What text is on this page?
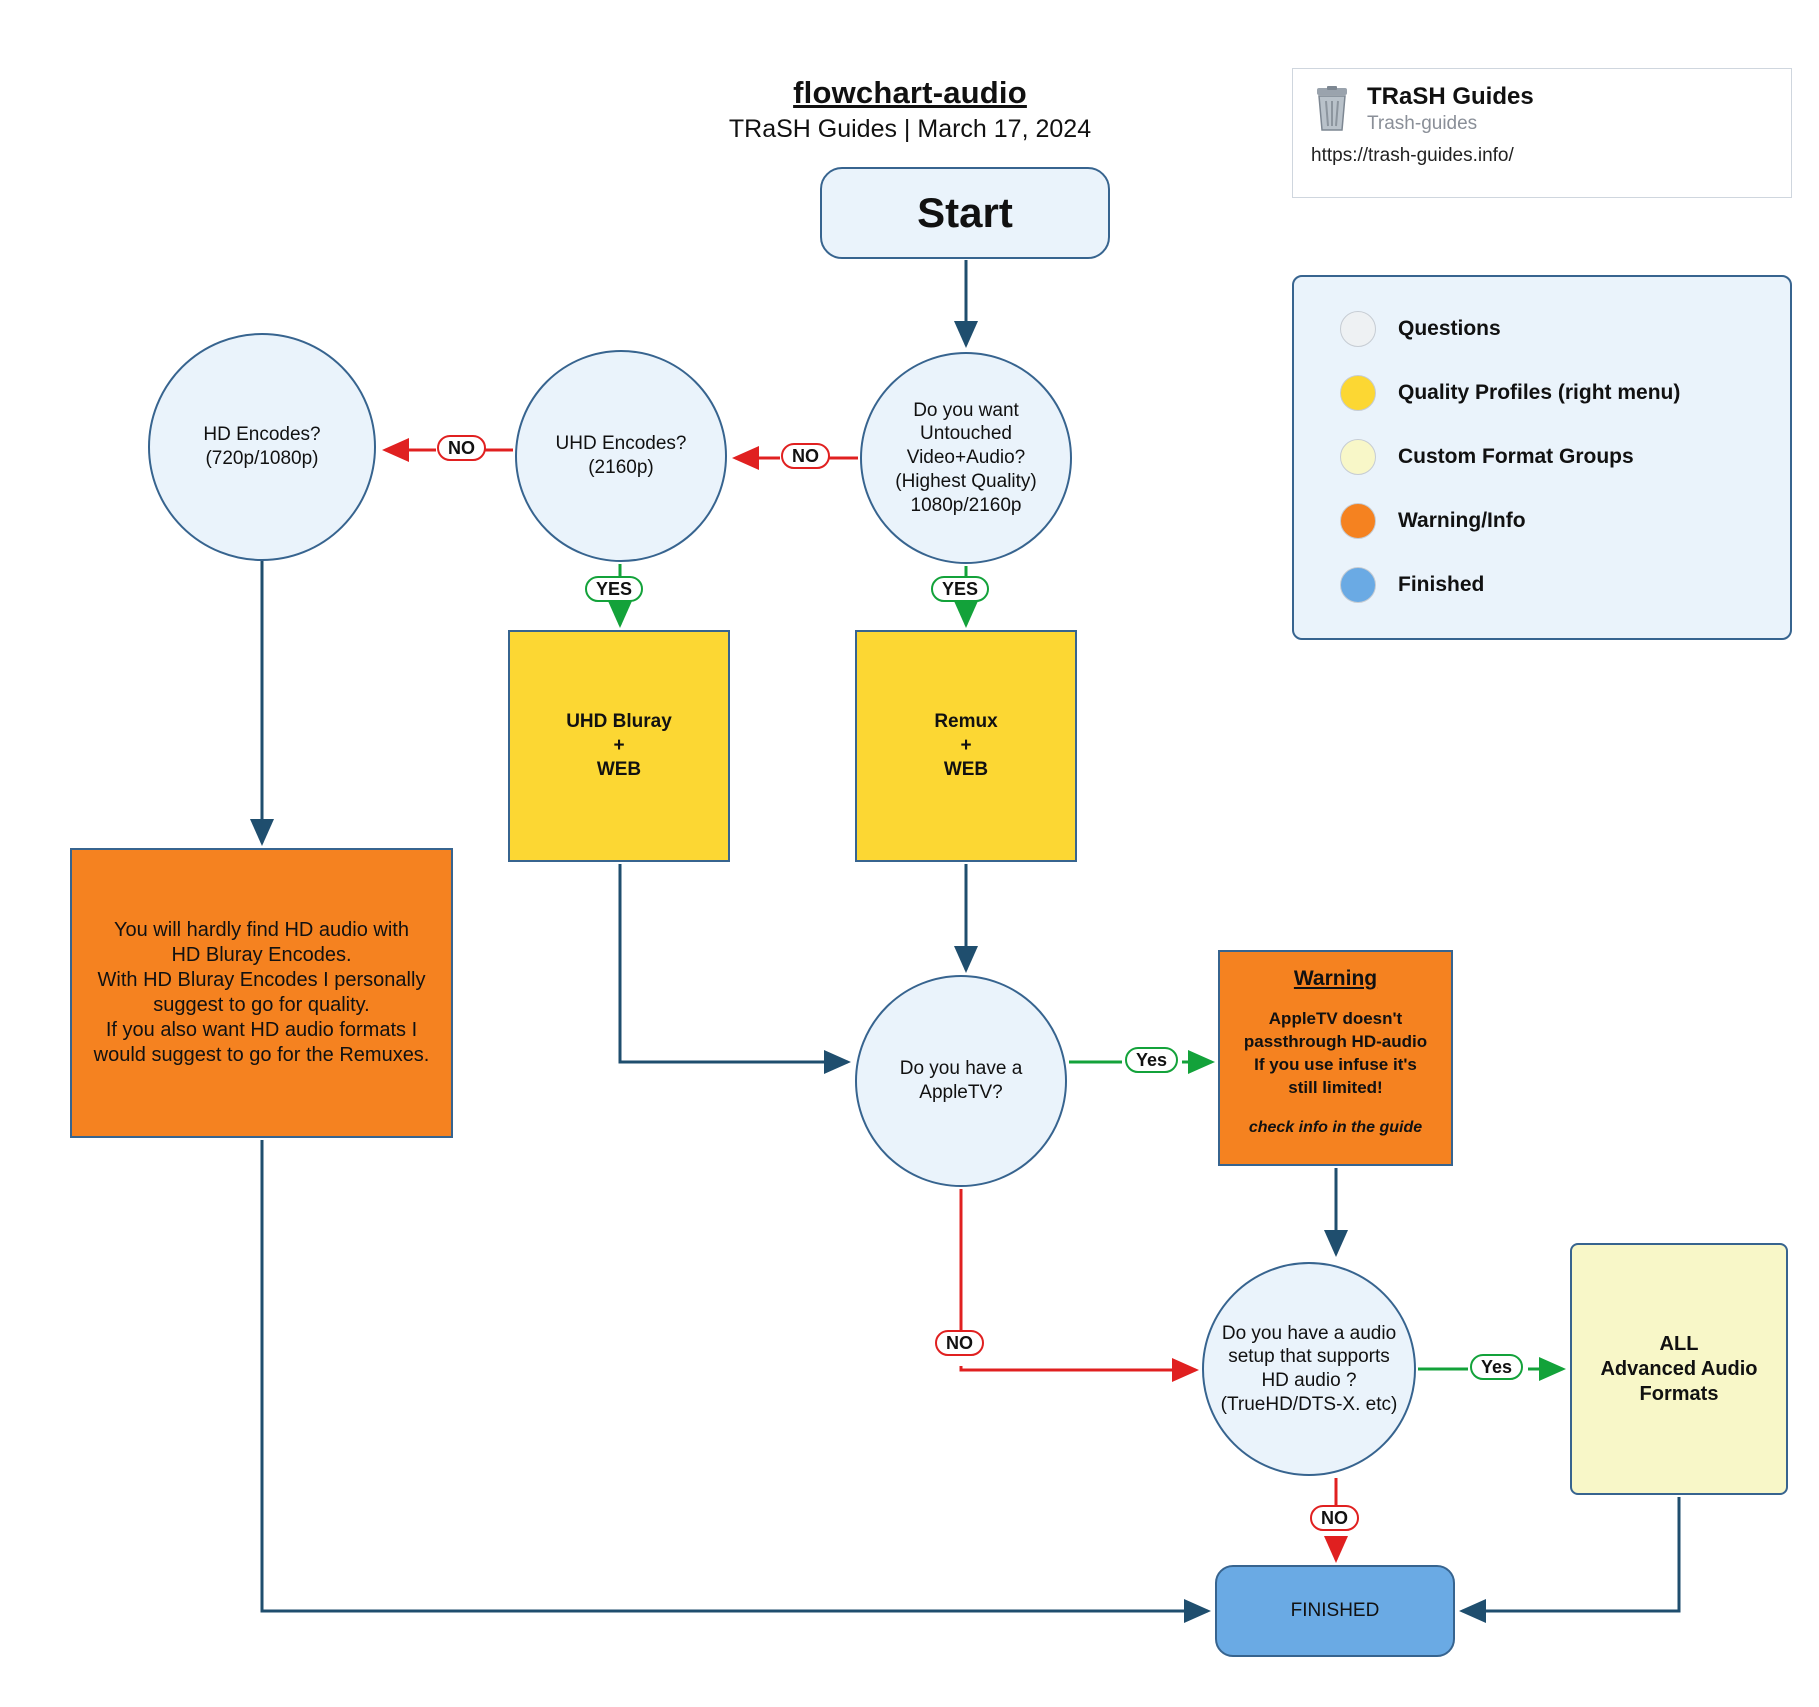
flowchart-audio
TRaSH Guides | March 17, 2024
Start
Do you want
Untouched
Video+Audio?
(Highest Quality)
1080p/2160p
UHD Encodes?
(2160p)
HD Encodes?
(720p/1080p)
UHD Bluray
+
WEB
Remux
+
WEB
You will hardly find HD audio with
HD Bluray Encodes.
With HD Bluray Encodes I personally suggest to go for quality.
If you also want HD audio formats I would suggest to go for the Remuxes.
Do you have a
AppleTV?
Warning
AppleTV doesn't
passthrough HD-audio
If you use infuse it's
still limited!
check info in the guide
Do you have a audio
setup that supports
HD audio ?
(TrueHD/DTS-X. etc)
ALL
Advanced Audio
Formats
FINISHED
NO
NO
YES
YES
Yes
NO
Yes
NO
TRaSH Guides
Trash-guides
https://trash-guides.info/
Questions
Quality Profiles (right menu)
Custom Format Groups
Warning/Info
Finished
